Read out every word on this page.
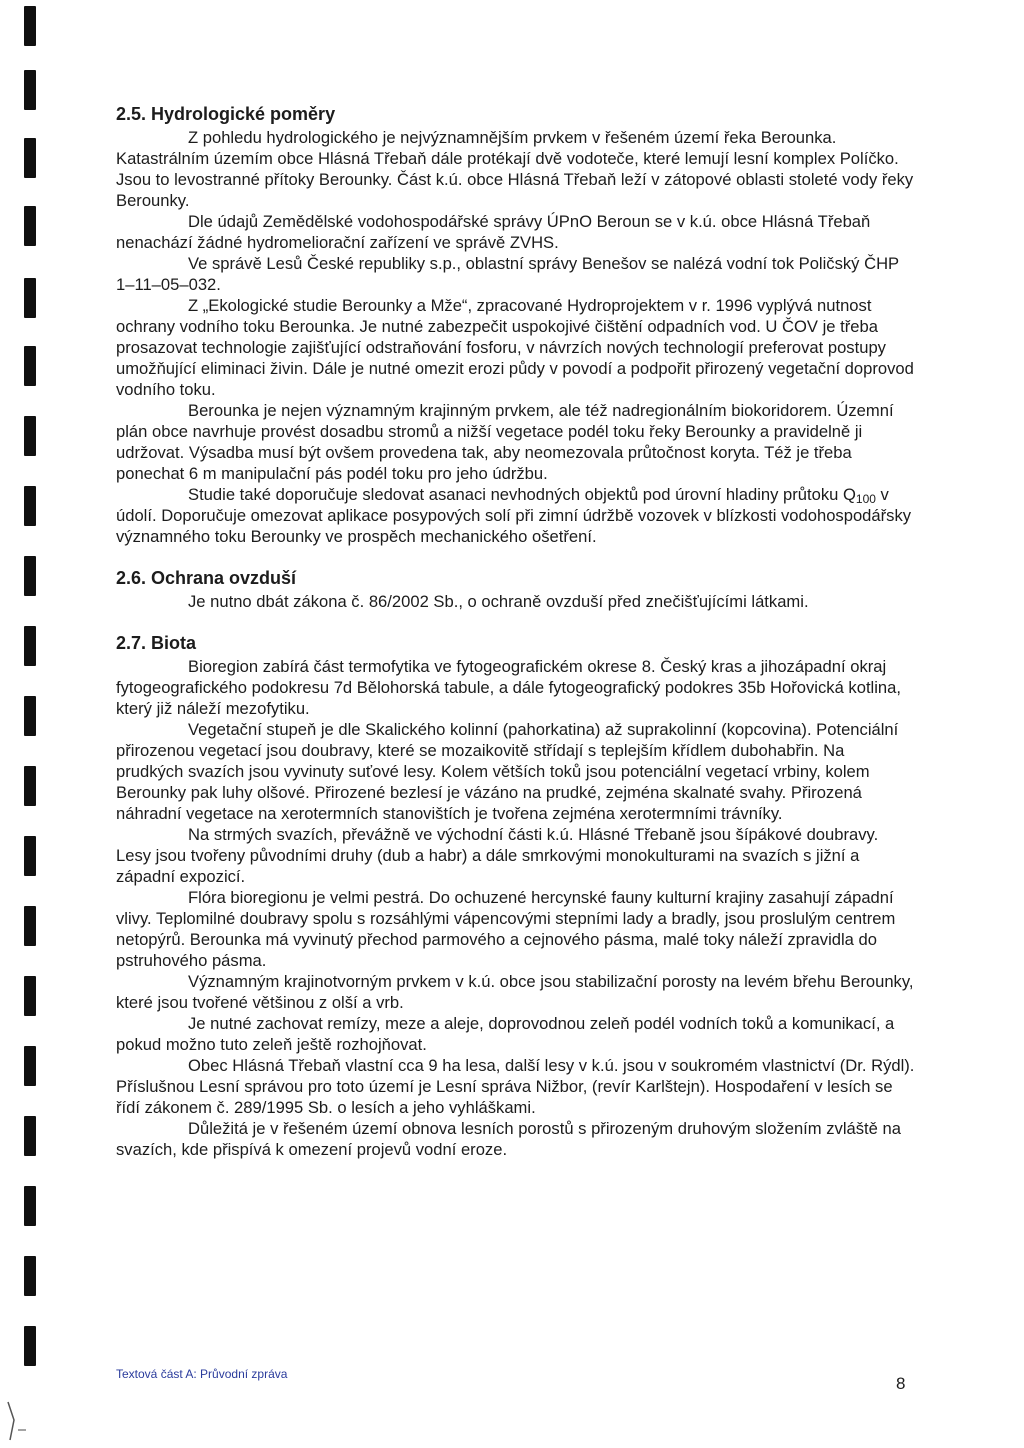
2.5. Hydrologické poměry

Z pohledu hydrologického je nejvýznamnějším prvkem v řešeném území řeka Berounka. Katastrálním územím obce Hlásná Třebaň dále protékají dvě vodoteče, které lemují lesní komplex Políčko. Jsou to levostranné přítoky Berounky. Část k.ú. obce Hlásná Třebaň leží v zátopové oblasti stoleté vody řeky Berounky.

Dle údajů Zemědělské vodohospodářské správy ÚPnO Beroun se v k.ú. obce Hlásná Třebaň nenachází žádné hydromeliorační zařízení ve správě ZVHS.

Ve správě Lesů České republiky s.p., oblastní správy Benešov se nalézá vodní tok Poličský ČHP 1–11–05–032.

Z „Ekologické studie Berounky a Mže“, zpracované Hydroprojektem v r. 1996 vyplývá nutnost ochrany vodního toku Berounka. Je nutné zabezpečit uspokojivé čištění odpadních vod. U ČOV je třeba prosazovat technologie zajišťující odstraňování fosforu, v návrzích nových technologií preferovat postupy umožňující eliminaci živin. Dále je nutné omezit erozi půdy v povodí a podpořit přirozený vegetační doprovod vodního toku.

Berounka je nejen významným krajinným prvkem, ale též nadregionálním biokoridorem. Územní plán obce navrhuje provést dosadbu stromů a nižší vegetace podél toku řeky Berounky a pravidelně ji udržovat. Výsadba musí být ovšem provedena tak, aby neomezovala průtočnost koryta. Též je třeba ponechat 6 m manipulační pás podél toku pro jeho údržbu.

Studie také doporučuje sledovat asanaci nevhodných objektů pod úrovní hladiny průtoku $Q_{100}$ v údolí. Doporučuje omezovat aplikace posypových solí při zimní údržbě vozovek v blízkosti vodohospodářsky významného toku Berounky ve prospěch mechanického ošetření.

2.6. Ochrana ovzduší

Je nutno dbát zákona č. 86/2002 Sb., o ochraně ovzduší před znečišťujícími látkami.

2.7. Biota

Bioregion zabírá část termofytika ve fytogeografickém okrese 8. Český kras a jihozápadní okraj fytogeografického podokresu 7d Bělohorská tabule, a dále fytogeografický podokres 35b Hořovická kotlina, který již náleží mezofytiku.

Vegetační stupeň je dle Skalického kolinní (pahorkatina) až suprakolinní (kopcovina). Potenciální přirozenou vegetací jsou doubravy, které se mozaikovitě střídají s teplejším křídlem dubohabřin. Na prudkých svazích jsou vyvinuty suťové lesy. Kolem větších toků jsou potenciální vegetací vrbiny, kolem Berounky pak luhy olšové. Přirozené bezlesí je vázáno na prudké, zejména skalnaté svahy. Přirozená náhradní vegetace na xerotermních stanovištích je tvořena zejména xerotermními trávníky.

Na strmých svazích, převážně ve východní části k.ú. Hlásné Třebaně jsou šípákové doubravy. Lesy jsou tvořeny původními druhy (dub a habr) a dále smrkovými monokulturami na svazích s jižní a západní expozicí.

Flóra bioregionu je velmi pestrá. Do ochuzené hercynské fauny kulturní krajiny zasahují západní vlivy. Teplomilné doubravy spolu s rozsáhlými vápencovými stepními lady a bradly, jsou proslulým centrem netopýrů. Berounka má vyvinutý přechod parmového a cejnového pásma, malé toky náleží zpravidla do pstruhového pásma.

Významným krajinotvorným prvkem v k.ú. obce jsou stabilizační porosty na levém břehu Berounky, které jsou tvořené většinou z olší a vrb.

Je nutné zachovat remízy, meze a aleje, doprovodnou zeleň podél vodních toků a komunikací, a pokud možno tuto zeleň ještě rozhojňovat.

Obec Hlásná Třebaň vlastní cca 9 ha lesa, další lesy v k.ú. jsou v soukromém vlastnictví (Dr. Rýdl). Příslušnou Lesní správou pro toto území je Lesní správa Nižbor, (revír Karlštejn). Hospodaření v lesích se řídí zákonem č. 289/1995 Sb. o lesích a jeho vyhláškami.

Důležitá je v řešeném území obnova lesních porostů s přirozeným druhovým složením zvláště na svazích, kde přispívá k omezení projevů vodní eroze.

Textová část A: Průvodní zpráva	8
